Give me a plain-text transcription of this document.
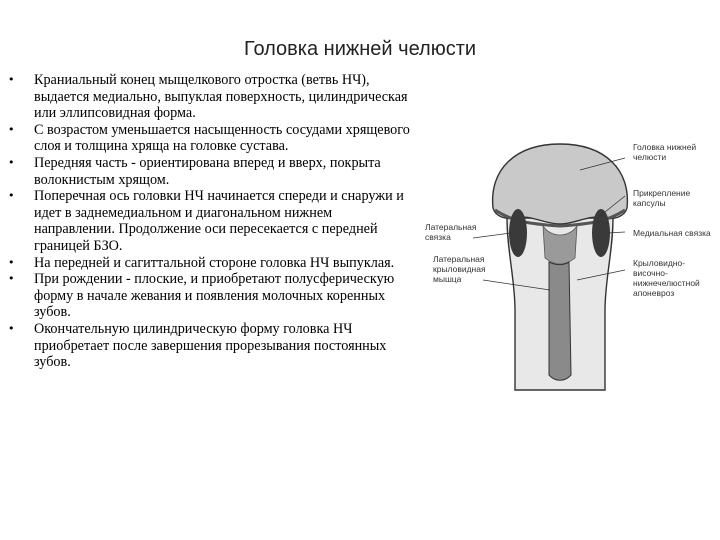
Головка нижней челюсти
• Краниальный конец мыщелкового отростка (ветвь НЧ), выдается медиально, выпуклая поверхность, цилиндрическая или эллипсовидная форма.
• С возрастом уменьшается насыщенность сосудами хрящевого слоя и толщина хряща на головке сустава.
• Передняя часть - ориентирована вперед и вверх, покрыта волокнистым хрящом.
• Поперечная ось головки НЧ начинается спереди и снаружи и идет в заднемедиальном и диагональном нижнем направлении. Продолжение оси пересекается с передней границей БЗО.
• На передней и сагиттальной стороне головка НЧ выпуклая.
• При рождении - плоские, и приобретают полусферическую форму в начале жевания и появления молочных коренных зубов.
• Окончательную цилиндрическую форму головка НЧ приобретает после завершения прорезывания постоянных зубов.
Головка нижней
челюсти
Прикрепление
капсулы
Медиальная связка
Крыловидно-
височно-
нижнечелюстной
апоневроз
Латеральная
связка
Латеральная
крыловидная
мышца
